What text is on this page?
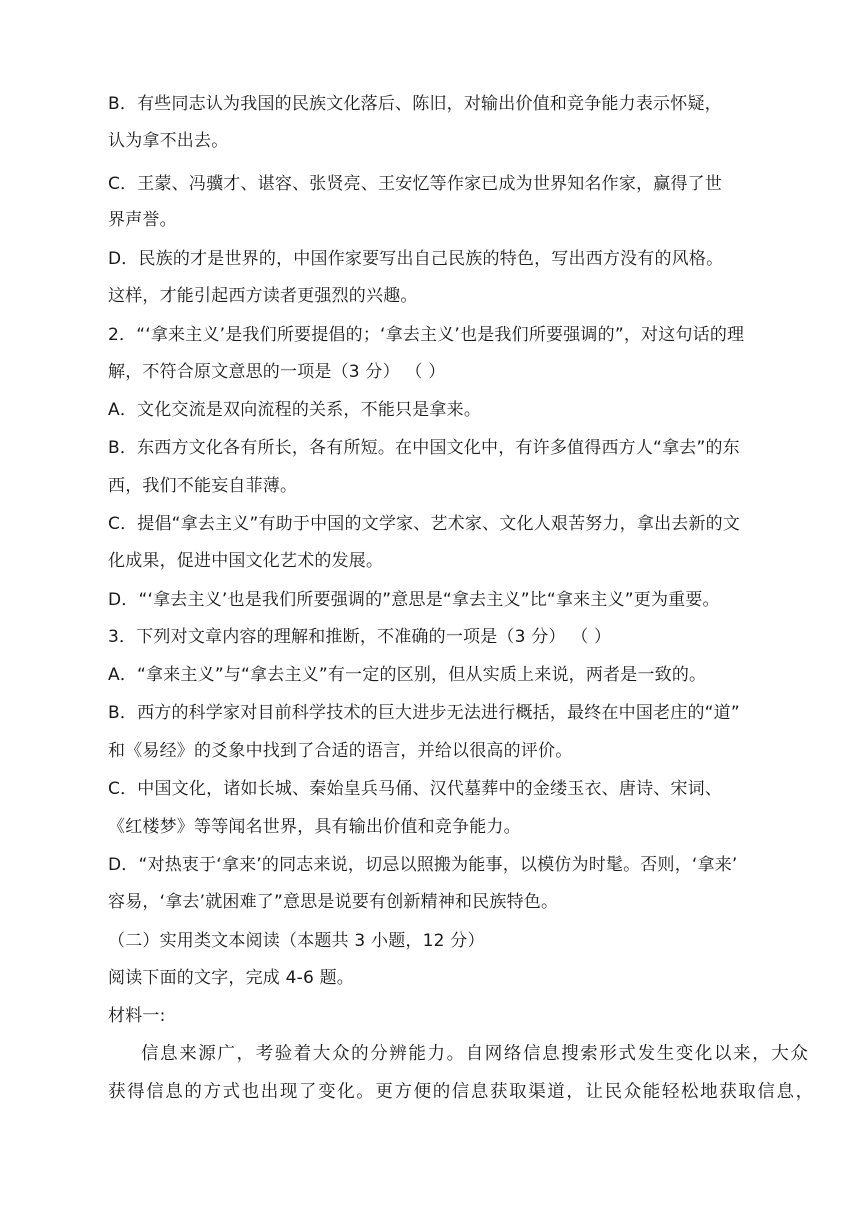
B．有些同志认为我国的民族文化落后、陈旧，对输出价值和竞争能力表示怀疑，
认为拿不出去。
C．王蒙、冯骥才、谌容、张贤亮、王安忆等作家已成为世界知名作家，赢得了世
界声誉。
D．民族的才是世界的，中国作家要写出自己民族的特色，写出西方没有的风格。
这样，才能引起西方读者更强烈的兴趣。
2．“‘拿来主义’是我们所要提倡的；‘拿去主义’也是我们所要强调的”，对这句话的理
解，不符合原文意思的一项是（3 分） （ ）
A．文化交流是双向流程的关系，不能只是拿来。
B．东西方文化各有所长，各有所短。在中国文化中，有许多值得西方人“拿去”的东
西，我们不能妄自菲薄。
C．提倡“拿去主义”有助于中国的文学家、艺术家、文化人艰苦努力，拿出去新的文
化成果，促进中国文化艺术的发展。
D．“‘拿去主义’也是我们所要强调的”意思是“拿去主义”比“拿来主义”更为重要。
3．下列对文章内容的理解和推断，不准确的一项是（3 分） （ ）
A．“拿来主义”与“拿去主义”有一定的区别，但从实质上来说，两者是一致的。
B．西方的科学家对目前科学技术的巨大进步无法进行概括，最终在中国老庄的“道”
和《易经》的爻象中找到了合适的语言，并给以很高的评价。
C．中国文化，诸如长城、秦始皇兵马俑、汉代墓葬中的金缕玉衣、唐诗、宋词、
《红楼梦》等等闻名世界，具有输出价值和竞争能力。
D．“对热衷于‘拿来’的同志来说，切忌以照搬为能事，以模仿为时髦。否则，‘拿来’
容易，‘拿去’就困难了”意思是说要有创新精神和民族特色。
（二）实用类文本阅读（本题共 3 小题，12 分）
阅读下面的文字，完成 4-6 题。
材料一:
信息来源广，考验着大众的分辨能力。自网络信息搜索形式发生变化以来，大众
获得信息的方式也出现了变化。更方便的信息获取渠道，让民众能轻松地获取信息，
